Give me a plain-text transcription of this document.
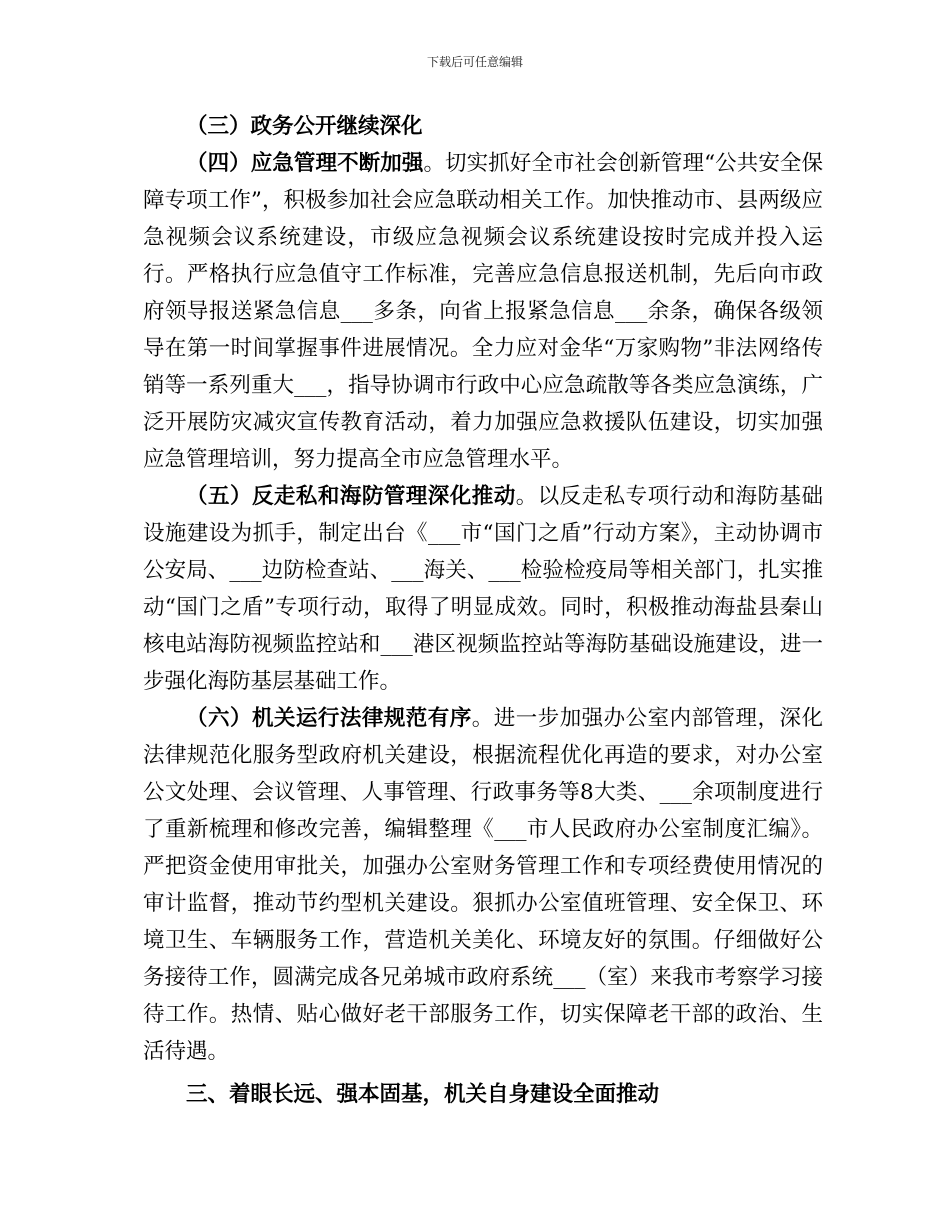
下载后可任意编辑

（三）政务公开继续深化

（四）应急管理不断加强。切实抓好全市社会创新管理“公共安全保障专项工作”，积极参加社会应急联动相关工作。加快推动市、县两级应急视频会议系统建设，市级应急视频会议系统建设按时完成并投入运行。严格执行应急值守工作标准，完善应急信息报送机制，先后向市政府领导报送紧急信息___多条，向省上报紧急信息___余条，确保各级领导在第一时间掌握事件进展情况。全力应对金华“万家购物”非法网络传销等一系列重大___，指导协调市行政中心应急疏散等各类应急演练，广泛开展防灾减灾宣传教育活动，着力加强应急救援队伍建设，切实加强应急管理培训，努力提高全市应急管理水平。

（五）反走私和海防管理深化推动。以反走私专项行动和海防基础设施建设为抓手，制定出台《___市“国门之盾”行动方案》，主动协调市公安局、___边防检查站、___海关、___检验检疫局等相关部门，扎实推动“国门之盾”专项行动，取得了明显成效。同时，积极推动海盐县秦山核电站海防视频监控站和___港区视频监控站等海防基础设施建设，进一步强化海防基层基础工作。

（六）机关运行法律规范有序。进一步加强办公室内部管理，深化法律规范化服务型政府机关建设，根据流程优化再造的要求，对办公室公文处理、会议管理、人事管理、行政事务等8大类、___余项制度进行了重新梳理和修改完善，编辑整理《___市人民政府办公室制度汇编》。严把资金使用审批关，加强办公室财务管理工作和专项经费使用情况的审计监督，推动节约型机关建设。狠抓办公室值班管理、安全保卫、环境卫生、车辆服务工作，营造机关美化、环境友好的氛围。仔细做好公务接待工作，圆满完成各兄弟城市政府系统___（室）来我市考察学习接待工作。热情、贴心做好老干部服务工作，切实保障老干部的政治、生活待遇。

三、着眼长远、强本固基，机关自身建设全面推动
